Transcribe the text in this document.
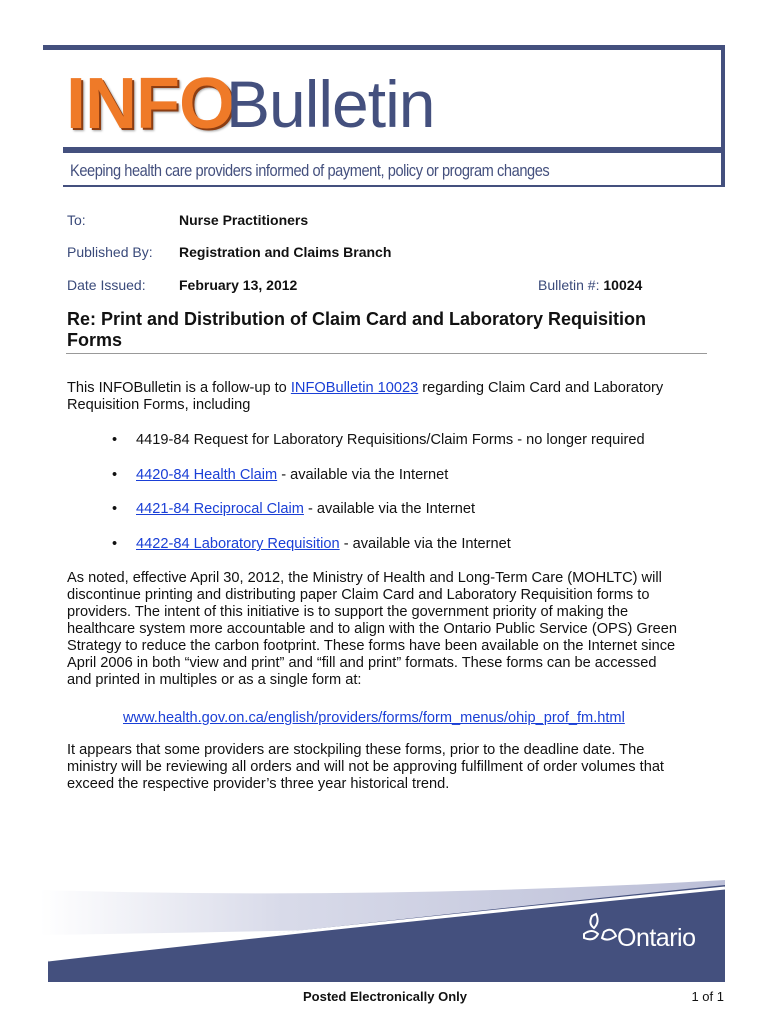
INFO
Bulletin
Keeping health care providers informed of payment, policy or program changes
To:	Nurse Practitioners
Published By: Registration and Claims Branch
Date Issued: February 13, 2012	Bulletin #: 10024
Re: Print and Distribution of Claim Card and Laboratory Requisition Forms
This INFOBulletin is a follow-up to INFOBulletin 10023 regarding Claim Card and Laboratory
Requisition Forms, including
• 4419-84 Request for Laboratory Requisitions/Claim Forms - no longer required
• 4420-84 Health Claim - available via the Internet
• 4421-84 Reciprocal Claim - available via the Internet
• 4422-84 Laboratory Requisition - available via the Internet
As noted, effective April 30, 2012, the Ministry of Health and Long-Term Care (MOHLTC) will
discontinue printing and distributing paper Claim Card and Laboratory Requisition forms to
providers. The intent of this initiative is to support the government priority of making the
healthcare system more accountable and to align with the Ontario Public Service (OPS) Green
Strategy to reduce the carbon footprint. These forms have been available on the Internet since
April 2006 in both “view and print” and “fill and print” formats. These forms can be accessed
and printed in multiples or as a single form at:
www.health.gov.on.ca/english/providers/forms/form_menus/ohip_prof_fm.html
It appears that some providers are stockpiling these forms, prior to the deadline date. The
ministry will be reviewing all orders and will not be approving fulfillment of order volumes that
exceed the respective provider’s three year historical trend.
Ontario
Posted Electronically Only	1 of 1
